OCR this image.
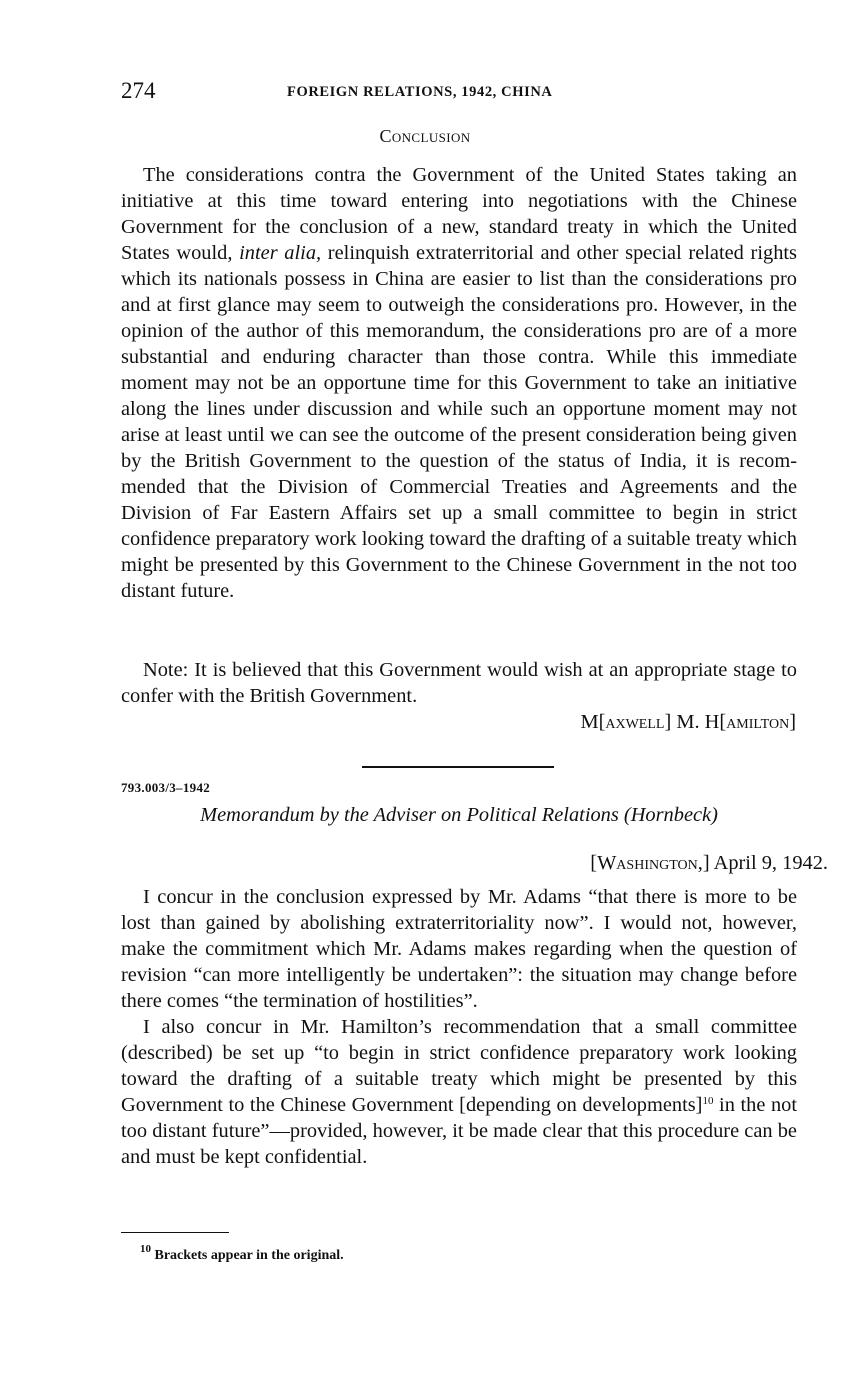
274	FOREIGN RELATIONS, 1942, CHINA
Conclusion

The considerations contra the Government of the United States taking an initiative at this time toward entering into negotiations with the Chinese Government for the conclusion of a new, standard treaty in which the United States would, inter alia, relinquish extraterritorial and other special related rights which its nationals possess in China are easier to list than the considerations pro and at first glance may seem to outweigh the considerations pro. However, in the opinion of the author of this memorandum, the considerations pro are of a more substantial and enduring character than those contra. While this immediate moment may not be an opportune time for this Government to take an initiative along the lines under discussion and while such an opportune moment may not arise at least until we can see the outcome of the present consideration being given by the British Government to the question of the status of India, it is recommended that the Division of Commercial Treaties and Agreements and the Division of Far Eastern Affairs set up a small committee to begin in strict confidence preparatory work looking toward the drafting of a suitable treaty which might be presented by this Government to the Chinese Government in the not too distant future.

Note: It is believed that this Government would wish at an appropriate stage to confer with the British Government.

M[axwell] M. H[amilton]
793.003/3–1942
Memorandum by the Adviser on Political Relations (Hornbeck)
[Washington,] April 9, 1942.

I concur in the conclusion expressed by Mr. Adams “that there is more to be lost than gained by abolishing extraterritoriality now”. I would not, however, make the commitment which Mr. Adams makes regarding when the question of revision “can more intelligently be undertaken”: the situation may change before there comes “the termination of hostilities”.

I also concur in Mr. Hamilton’s recommendation that a small committee (described) be set up “to begin in strict confidence preparatory work looking toward the drafting of a suitable treaty which might be presented by this Government to the Chinese Government [depending on developments]$^{10}$ in the not too distant future”—provided, however, it be made clear that this procedure can be and must be kept confidential.

$^{10}$ Brackets appear in the original.
